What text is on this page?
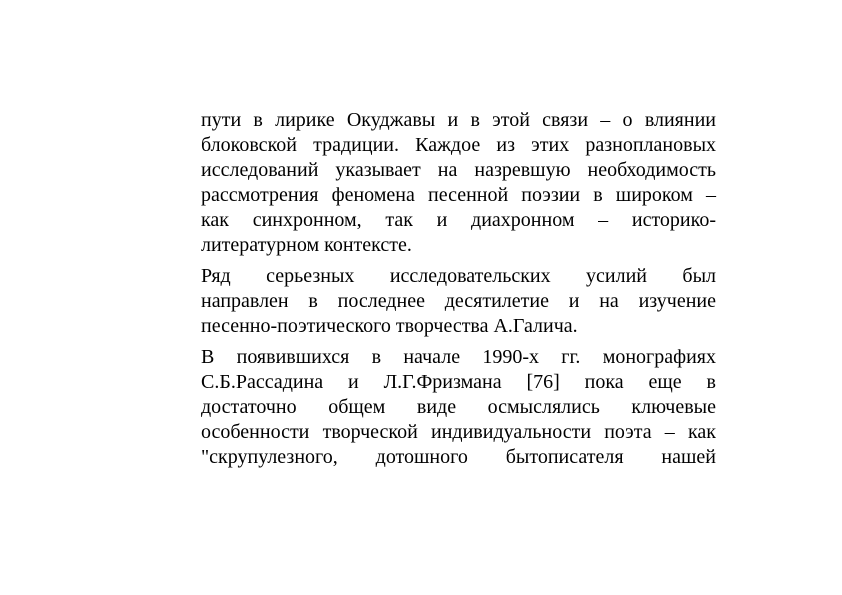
пути в лирике Окуджавы и в этой связи – о влиянии
блоковской традиции. Каждое из этих разноплановых
исследований указывает на назревшую необходимость
рассмотрения феномена песенной поэзии в широком –
как синхронном, так и диахронном – историко-
литературном контексте.

Ряд серьезных исследовательских усилий был
направлен в последнее десятилетие и на изучение
песенно-поэтического творчества А.Галича.

В появившихся в начале 1990-х гг. монографиях
С.Б.Рассадина и Л.Г.Фризмана [76] пока еще в
достаточно общем виде осмыслялись ключевые
особенности творческой индивидуальности поэта – как
"скрупулезного, дотошного бытописателя нашей
